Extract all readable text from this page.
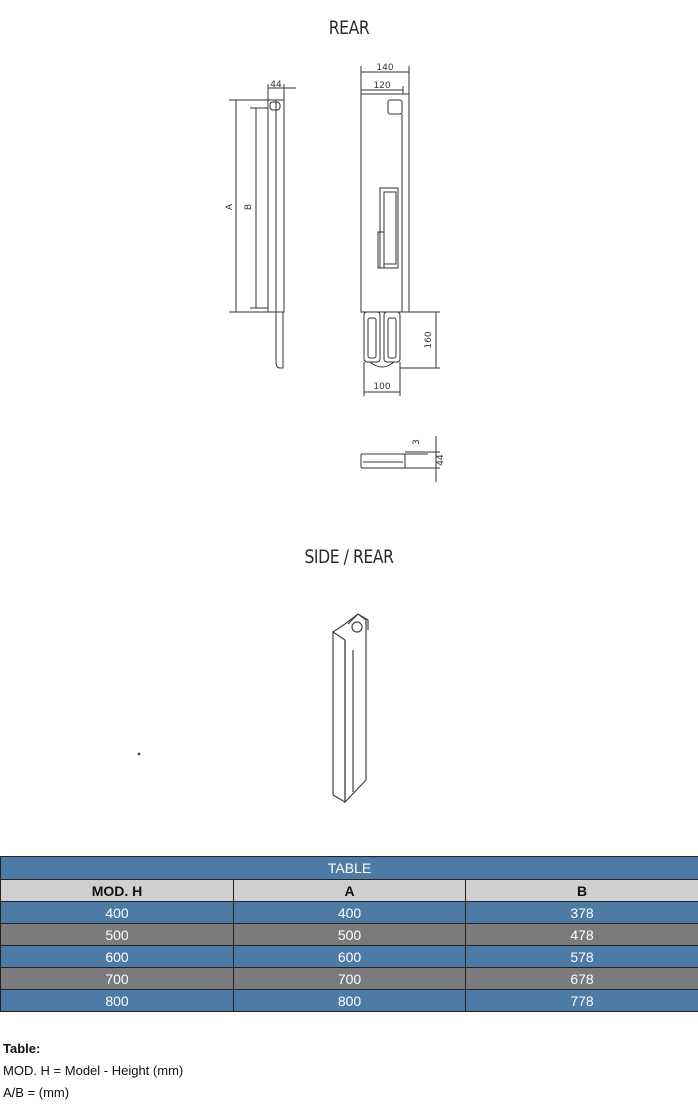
REAR
44
A B
140
120
160
100
3
44
SIDE / REAR
TABLE		
MOD. H	A	B
400	400	378
500	500	478
600	600	578
700	700	678
800	800	778
Table:
MOD. H = Model - Height (mm)
A/B = (mm)
